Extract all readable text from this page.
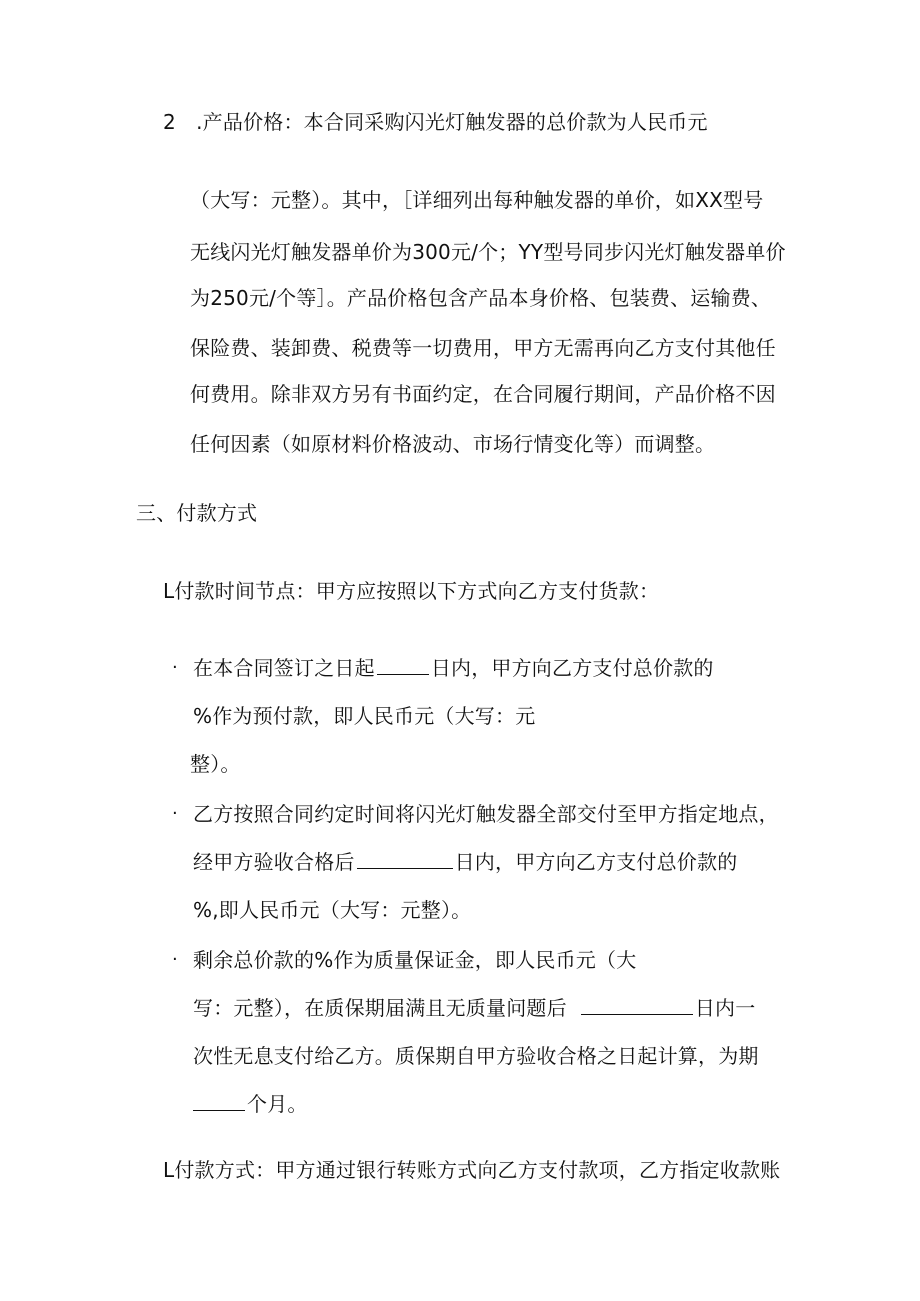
2　.产品价格：本合同采购闪光灯触发器的总价款为人民币元
（大写：元整）。其中，［详细列出每种触发器的单价，如XX型号
无线闪光灯触发器单价为300元/个；YY型号同步闪光灯触发器单价
为250元/个等］。产品价格包含产品本身价格、包装费、运输费、
保险费、装卸费、税费等一切费用，甲方无需再向乙方支付其他任
何费用。除非双方另有书面约定，在合同履行期间，产品价格不因
任何因素（如原材料价格波动、市场行情变化等）而调整。
三、付款方式
L付款时间节点：甲方应按照以下方式向乙方支付货款：
· 在本合同签订之日起	日内，甲方向乙方支付总价款的
%作为预付款，即人民币元（大写：元
整）。
· 乙方按照合同约定时间将闪光灯触发器全部交付至甲方指定地点，
经甲方验收合格后	日内，甲方向乙方支付总价款的
%,即人民币元（大写：元整）。
· 剩余总价款的%作为质量保证金，即人民币元（大
写：元整），在质保期届满且无质量问题后	日内一
次性无息支付给乙方。质保期自甲方验收合格之日起计算，为期
个月。
L付款方式：甲方通过银行转账方式向乙方支付款项，乙方指定收款账
